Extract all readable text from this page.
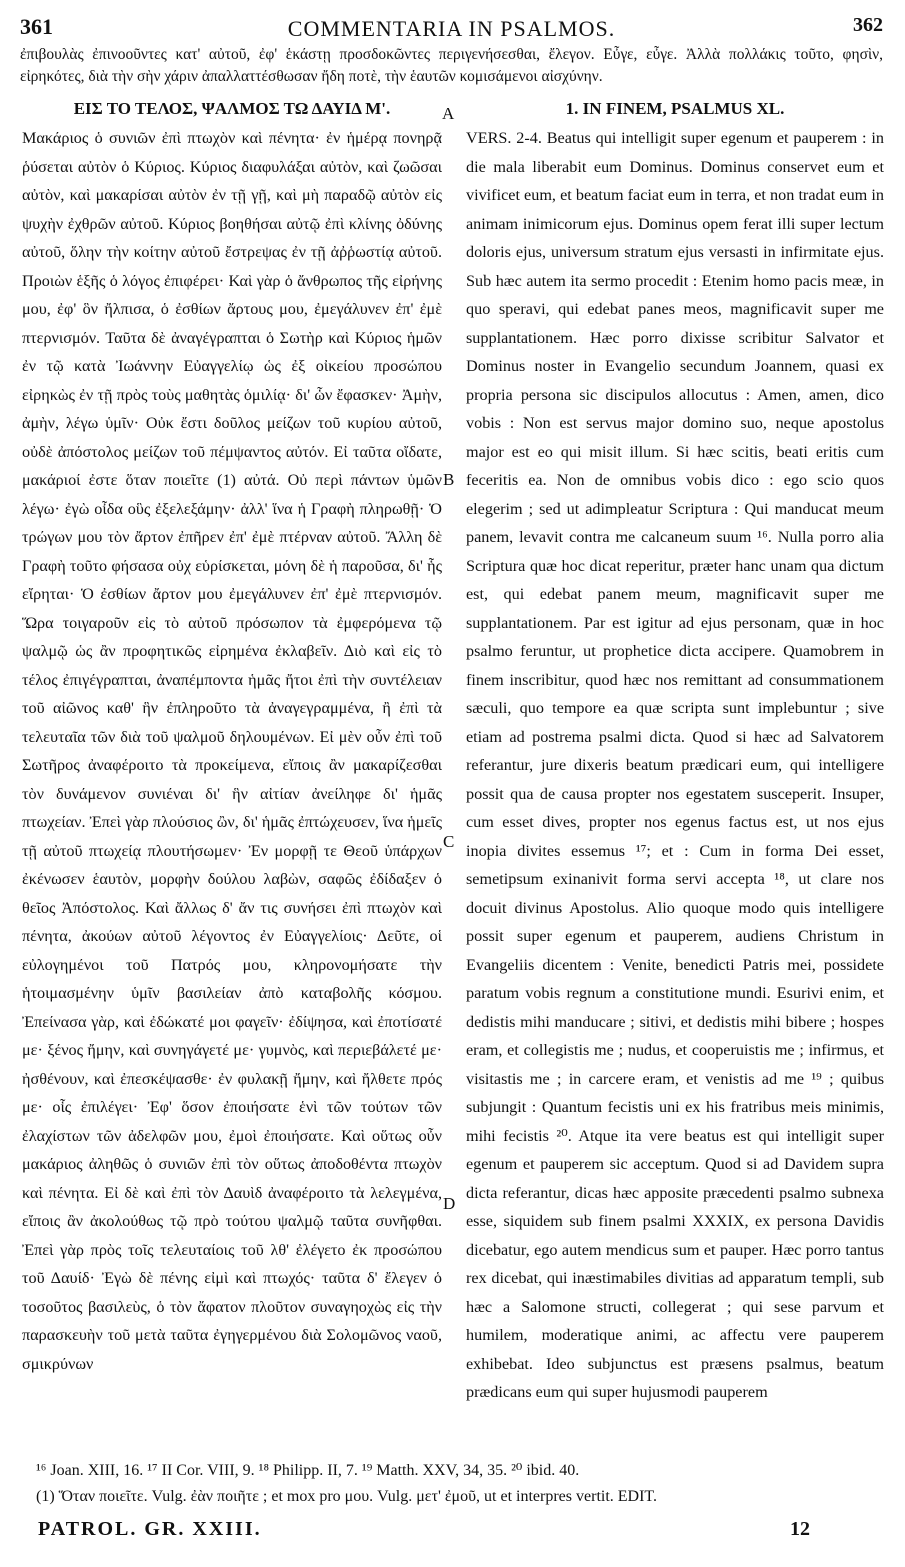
361	COMMENTARIA IN PSALMOS.	362
ἐπιβουλὰς ἐπινοοῦντες κατ' αὐτοῦ, ἐφ' ἑκάστῃ προσδοκῶντες περιγενήσεσθαι, ἔλεγον. Εὖγε, εὖγε. Ἀλλὰ πολλάκις τοῦτο, φησὶν, εἰρηκότες, διὰ τὴν σὴν χάριν ἀπαλλαττέσθωσαν ἤδη ποτὲ, τὴν ἑαυτῶν κομισάμενοι αἰσχύνην.
ΕΙΣ ΤΟ ΤΕΛΟΣ, ΨΑΛΜΟΣ ΤΩ ΔΑΥΙΔ Μ'.
Μακάριος ὁ συνιῶν ἐπὶ πτωχὸν καὶ πένητα· ἐν ἡμέρᾳ πονηρᾷ ῥύσεται αὐτὸν ὁ Κύριος. Κύριος διαφυλάξαι αὐτὸν, καὶ ζωῶσαι αὐτὸν, καὶ μακαρίσαι αὐτὸν ἐν τῇ γῇ, καὶ μὴ παραδῷ αὐτὸν εἰς ψυχὴν ἐχθρῶν αὐτοῦ. Κύριος βοηθήσαι αὐτῷ ἐπὶ κλίνης ὀδύνης αὐτοῦ, ὅλην τὴν κοίτην αὐτοῦ ἔστρεψας ἐν τῇ ἀῤῥωστίᾳ αὐτοῦ. Προιὼν ἑξῆς ὁ λόγος ἐπιφέρει· Καὶ γὰρ ὁ ἄνθρωπος τῆς εἰρήνης μου, ἐφ' ὃν ἤλπισα, ὁ ἐσθίων ἄρτους μου, ἐμεγάλυνεν ἐπ' ἐμὲ πτερνισμόν. Ταῦτα δὲ ἀναγέγραπται ὁ Σωτὴρ καὶ Κύριος ἡμῶν ἐν τῷ κατὰ Ἰωάννην Εὐαγγελίῳ ὡς ἐξ οἰκείου προσώπου εἰρηκὼς ἐν τῇ πρὸς τοὺς μαθητὰς ὁμιλίᾳ· δι' ὧν ἔφασκεν· Ἀμὴν, ἀμὴν, λέγω ὑμῖν· Οὐκ ἔστι δοῦλος μείζων τοῦ κυρίου αὐτοῦ, οὐδὲ ἀπόστολος μείζων τοῦ πέμψαντος αὐτόν. Εἰ ταῦτα οἴδατε, μακάριοί ἐστε ὅταν ποιεῖτε (1) αὐτά. Οὐ περὶ πάντων ὑμῶν λέγω· ἐγὼ οἶδα οὓς ἐξελεξάμην· ἀλλ' ἵνα ἡ Γραφὴ πληρωθῇ· Ὁ τρώγων μου τὸν ἄρτον ἐπῆρεν ἐπ' ἐμὲ πτέρναν αὐτοῦ. Ἄλλη δὲ Γραφὴ τοῦτο φήσασα οὐχ εὑρίσκεται, μόνη δὲ ἡ παροῦσα, δι' ἧς εἴρηται· Ὁ ἐσθίων ἄρτον μου ἐμεγάλυνεν ἐπ' ἐμὲ πτερνισμόν. Ὥρα τοιγαροῦν εἰς τὸ αὐτοῦ πρόσωπον τὰ ἐμφερόμενα τῷ ψαλμῷ ὡς ἂν προφητικῶς εἰρημένα ἐκλαβεῖν. Διὸ καὶ εἰς τὸ τέλος ἐπιγέγραπται, ἀναπέμποντα ἡμᾶς ἤτοι ἐπὶ τὴν συντέλειαν τοῦ αἰῶνος καθ' ἣν ἐπληροῦτο τὰ ἀναγεγραμμένα, ἢ ἐπὶ τὰ τελευταῖα τῶν διὰ τοῦ ψαλμοῦ δηλουμένων. Εἰ μὲν οὖν ἐπὶ τοῦ Σωτῆρος ἀναφέροιτο τὰ προκείμενα, εἴποις ἂν μακαρίζεσθαι τὸν δυνάμενον συνιέναι δι' ἣν αἰτίαν ἀνείληφε δι' ἡμᾶς πτωχείαν. Ἐπεὶ γὰρ πλούσιος ὢν, δι' ἡμᾶς ἐπτώχευσεν, ἵνα ἡμεῖς τῇ αὐτοῦ πτωχείᾳ πλουτήσωμεν· Ἐν μορφῇ τε Θεοῦ ὑπάρχων ἐκένωσεν ἑαυτὸν, μορφὴν δούλου λαβὼν, σαφῶς ἐδίδαξεν ὁ θεῖος Ἀπόστολος. Καὶ ἄλλως δ' ἄν τις συνήσει ἐπὶ πτωχὸν καὶ πένητα, ἀκούων αὐτοῦ λέγοντος ἐν Εὐαγγελίοις· Δεῦτε, οἱ εὐλογημένοι τοῦ Πατρός μου, κληρονομήσατε τὴν ἡτοιμασμένην ὑμῖν βασιλείαν ἀπὸ καταβολῆς κόσμου. Ἐπείνασα γὰρ, καὶ ἐδώκατέ μοι φαγεῖν· ἐδίψησα, καὶ ἐποτίσατέ με· ξένος ἤμην, καὶ συνηγάγετέ με· γυμνὸς, καὶ περιεβάλετέ με· ἠσθένουν, καὶ ἐπεσκέψασθε· ἐν φυλακῇ ἤμην, καὶ ἤλθετε πρός με· οἷς ἐπιλέγει· Ἐφ' ὅσον ἐποιήσατε ἑνὶ τῶν τούτων τῶν ἐλαχίστων τῶν ἀδελφῶν μου, ἐμοὶ ἐποιήσατε. Καὶ οὕτως οὖν μακάριος ἀληθῶς ὁ συνιῶν ἐπὶ τὸν οὕτως ἀποδοθέντα πτωχὸν καὶ πένητα. Εἰ δὲ καὶ ἐπὶ τὸν Δαυὶδ ἀναφέροιτο τὰ λελεγμένα, εἴποις ἂν ἀκολούθως τῷ πρὸ τούτου ψαλμῷ ταῦτα συνῆφθαι. Ἐπεὶ γὰρ πρὸς τοῖς τελευταίοις τοῦ λθ' ἐλέγετο ἐκ προσώπου τοῦ Δαυίδ· Ἐγὼ δὲ πένης εἰμὶ καὶ πτωχός· ταῦτα δ' ἔλεγεν ὁ τοσοῦτος βασιλεὺς, ὁ τὸν ἄφατον πλοῦτον συναγηοχὼς εἰς τὴν παρασκευὴν τοῦ μετὰ ταῦτα ἐγηγερμένου διὰ Σολομῶνος ναοῦ, σμικρύνων
1. IN FINEM, PSALMUS XL.
VERS. 2-4. Beatus qui intelligit super egenum et pauperem : in die mala liberabit eum Dominus. Dominus conservet eum et vivificet eum, et beatum faciat eum in terra, et non tradat eum in animam inimicorum ejus. Dominus opem ferat illi super lectum doloris ejus, universum stratum ejus versasti in infirmitate ejus. Sub hæc autem ita sermo procedit : Etenim homo pacis meæ, in quo speravi, qui edebat panes meos, magnificavit super me supplantationem. Hæc porro dixisse scribitur Salvator et Dominus noster in Evangelio secundum Joannem, quasi ex propria persona sic discipulos allocutus : Amen, amen, dico vobis : Non est servus major domino suo, neque apostolus major est eo qui misit illum. Si hæc scitis, beati eritis cum feceritis ea. Non de omnibus vobis dico : ego scio quos elegerim ; sed ut adimpleatur Scriptura : Qui manducat meum panem, levavit contra me calcaneum suum ¹⁶. Nulla porro alia Scriptura quæ hoc dicat reperitur, præter hanc unam qua dictum est, qui edebat panem meum, magnificavit super me supplantationem. Par est igitur ad ejus personam, quæ in hoc psalmo feruntur, ut prophetice dicta accipere. Quamobrem in finem inscribitur, quod hæc nos remittant ad consummationem sæculi, quo tempore ea quæ scripta sunt implebuntur ; sive etiam ad postrema psalmi dicta. Quod si hæc ad Salvatorem referantur, jure dixeris beatum prædicari eum, qui intelligere possit qua de causa propter nos egestatem susceperit. Insuper, cum esset dives, propter nos egenus factus est, ut nos ejus inopia divites essemus ¹⁷; et : Cum in forma Dei esset, semetipsum exinanivit forma servi accepta ¹⁸, ut clare nos docuit divinus Apostolus. Alio quoque modo quis intelligere possit super egenum et pauperem, audiens Christum in Evangeliis dicentem : Venite, benedicti Patris mei, possidete paratum vobis regnum a constitutione mundi. Esurivi enim, et dedistis mihi manducare ; sitivi, et dedistis mihi bibere ; hospes eram, et collegistis me ; nudus, et cooperuistis me ; infirmus, et visitastis me ; in carcere eram, et venistis ad me ¹⁹ ; quibus subjungit : Quantum fecistis uni ex his fratribus meis minimis, mihi fecistis ²⁰. Atque ita vere beatus est qui intelligit super egenum et pauperem sic acceptum. Quod si ad Davidem supra dicta referantur, dicas hæc apposite præcedenti psalmo subnexa esse, siquidem sub finem psalmi XXXIX, ex persona Davidis dicebatur, ego autem mendicus sum et pauper. Hæc porro tantus rex dicebat, qui inæstimabiles divitias ad apparatum templi, sub hæc a Salomone structi, collegerat ; qui sese parvum et humilem, moderatique animi, ac affectu vere pauperem exhibebat. Ideo subjunctus est præsens psalmus, beatum prædicans eum qui super hujusmodi pauperem
A
B
C
D
¹⁶ Joan. XIII, 16. ¹⁷ II Cor. VIII, 9. ¹⁸ Philipp. II, 7. ¹⁹ Matth. XXV, 34, 35. ²⁰ ibid. 40.
(1) Ὅταν ποιεῖτε. Vulg. ἐὰν ποιῆτε ; et mox pro μου. Vulg. μετ' ἐμοῦ, ut et interpres vertit. EDIT.
PATROL. GR. XXIII.	12
